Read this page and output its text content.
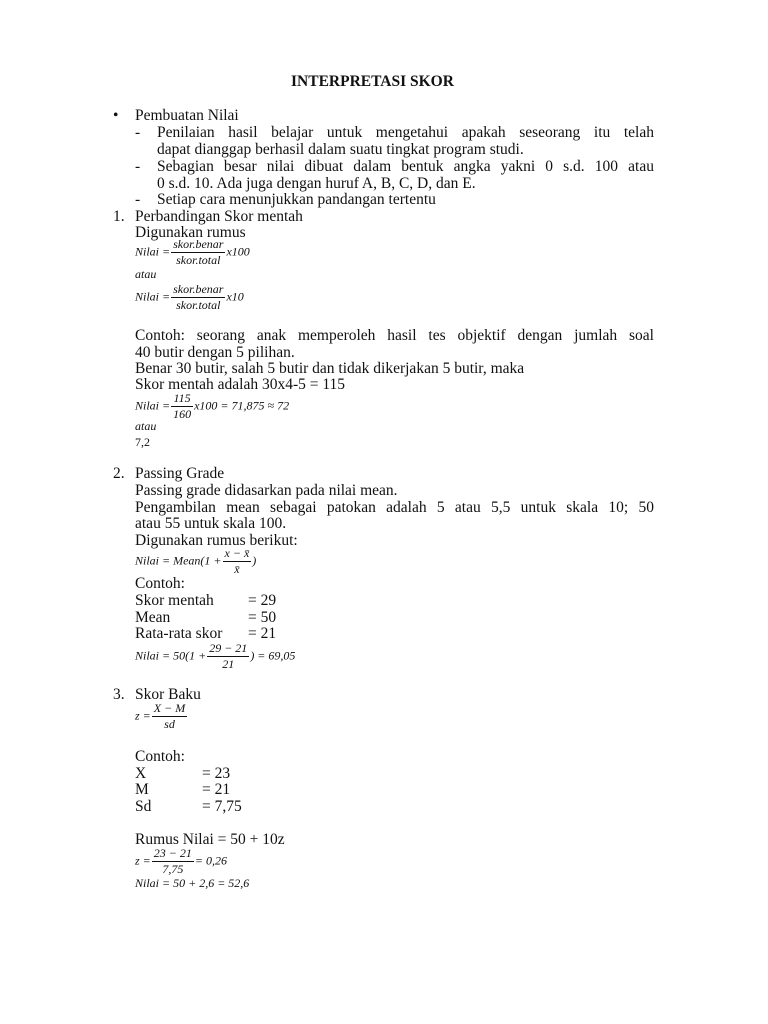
INTERPRETASI SKOR
• Pembuatan Nilai
- Penilaian hasil belajar untuk mengetahui apakah seseorang itu telah
dapat dianggap berhasil dalam suatu tingkat program studi.
- Sebagian besar nilai dibuat dalam bentuk angka yakni 0 s.d. 100 atau
0 s.d. 10. Ada juga dengan huruf A, B, C, D, dan E.
- Setiap cara menunjukkan pandangan tertentu
1. Perbandingan Skor mentah
Digunakan rumus
Nilai = $\frac{\text{skor.benar}}{\text{skor.total}} x100$
atau
Nilai = $\frac{\text{skor.benar}}{\text{skor.total}} x10$
Contoh: seorang anak memperoleh hasil tes objektif dengan jumlah soal
40 butir dengan 5 pilihan.
Benar 30 butir, salah 5 butir dan tidak dikerjakan 5 butir, maka
Skor mentah adalah 30x4-5 = 115
Nilai = $\frac{115}{160} x100 = 71,875 \approx 72$
atau
7,2
2. Passing Grade
Passing grade didasarkan pada nilai mean.
Pengambilan mean sebagai patokan adalah 5 atau 5,5 untuk skala 10; 50
atau 55 untuk skala 100.
Digunakan rumus berikut:
Nilai = Mean(1 + $\frac{x - x̄}{x̄}$ )
Contoh:
Skor mentah = 29
Mean	= 50
Rata-rata skor = 21
Nilai = $50(1 + \frac{29 - 21}{21}$ ) = 69,05
3. Skor Baku
$z = \frac{X - M}{sd}$
Contoh:
X	= 23
M	= 21
Sd	= 7,75
Rumus Nilai = 50 + 10z
$z = \frac{23 - 21}{7,75} = 0,26$
Nilai = 50 + 2,6 = 52,6
